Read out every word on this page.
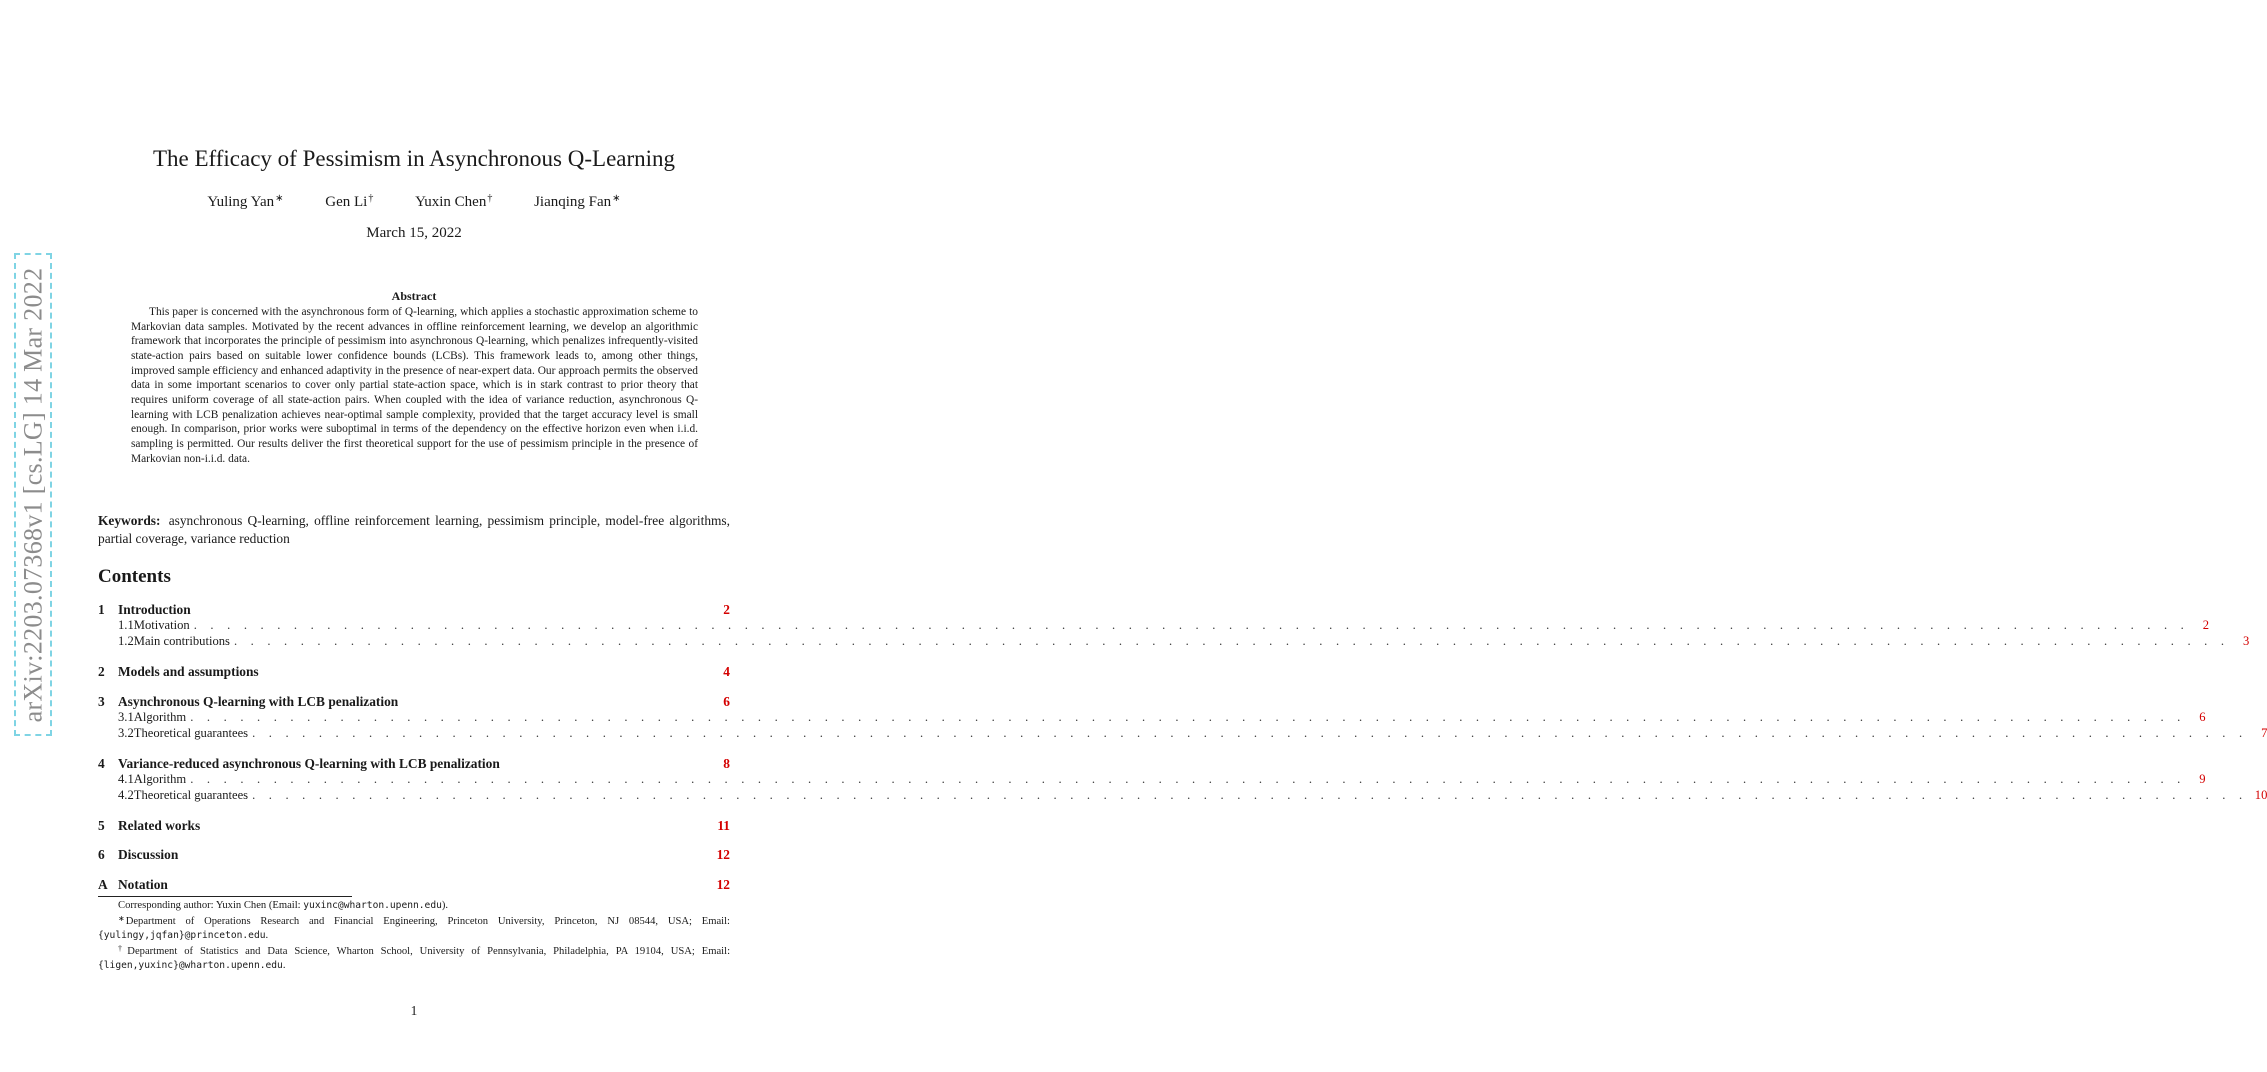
arXiv:2203.07368v1 [cs.LG] 14 Mar 2022
The Efficacy of Pessimism in Asynchronous Q-Learning
Yuling Yan∗	Gen Li†	Yuxin Chen†	Jianqing Fan∗
March 15, 2022
Abstract

This paper is concerned with the asynchronous form of Q-learning, which applies a stochastic approximation scheme to Markovian data samples. Motivated by the recent advances in offline reinforcement learning, we develop an algorithmic framework that incorporates the principle of pessimism into asynchronous Q-learning, which penalizes infrequently-visited state-action pairs based on suitable lower confidence bounds (LCBs). This framework leads to, among other things, improved sample efficiency and enhanced adaptivity in the presence of near-expert data. Our approach permits the observed data in some important scenarios to cover only partial state-action space, which is in stark contrast to prior theory that requires uniform coverage of all state-action pairs. When coupled with the idea of variance reduction, asynchronous Q-learning with LCB penalization achieves near-optimal sample complexity, provided that the target accuracy level is small enough. In comparison, prior works were suboptimal in terms of the dependency on the effective horizon even when i.i.d. sampling is permitted. Our results deliver the first theoretical support for the use of pessimism principle in the presence of Markovian non-i.i.d. data.

Keywords: asynchronous Q-learning, offline reinforcement learning, pessimism principle, model-free algorithms, partial coverage, variance reduction

Contents
1 Introduction	2
1.1 Motivation . . . . . . . . . . . . . . . . . . . . . . . . . . . . . . . . . . . . . . . . . . . . . . . . . . . . . . . . . . . . . . . . . . . . . . . . . . . . . . . . . . . . . . . . . . . . . . . . . . . . . . . . . . . . . . . . . . . . . . . .	2
1.2 Main contributions . . . . . . . . . . . . . . . . . . . . . . . . . . . . . . . . . . . . . . . . . . . . . . . . . . . . . . . . . . . . . . . . . . . . . . . . . . . . . . . . . . . . . . . . . . . . . . . . . . . . . . . . . . . . . . . . . . . . . . . .	3
2 Models and assumptions	4
3 Asynchronous Q-learning with LCB penalization	6
3.1 Algorithm . . . . . . . . . . . . . . . . . . . . . . . . . . . . . . . . . . . . . . . . . . . . . . . . . . . . . . . . . . . . . . . . . . . . . . . . . . . . . . . . . . . . . . . . . . . . . . . . . . . . . . . . . . . . . . . . . . . . . . . .	6
3.2 Theoretical guarantees . . . . . . . . . . . . . . . . . . . . . . . . . . . . . . . . . . . . . . . . . . . . . . . . . . . . . . . . . . . . . . . . . . . . . . . . . . . . . . . . . . . . . . . . . . . . . . . . . . . . . . . . . . . . . . . . . . . . . . . .	7
4 Variance-reduced asynchronous Q-learning with LCB penalization	8
4.1 Algorithm . . . . . . . . . . . . . . . . . . . . . . . . . . . . . . . . . . . . . . . . . . . . . . . . . . . . . . . . . . . . . . . . . . . . . . . . . . . . . . . . . . . . . . . . . . . . . . . . . . . . . . . . . . . . . . . . . . . . . . . .	9
4.2 Theoretical guarantees . . . . . . . . . . . . . . . . . . . . . . . . . . . . . . . . . . . . . . . . . . . . . . . . . . . . . . . . . . . . . . . . . . . . . . . . . . . . . . . . . . . . . . . . . . . . . . . . . . . . . . . . . . . . . . . . . . . . . . . . 10
5 Related works	11
6 Discussion	12
A Notation	12

Corresponding author: Yuxin Chen (Email: yuxinc@wharton.upenn.edu).

∗Department of Operations Research and Financial Engineering, Princeton University, Princeton, NJ 08544, USA; Email: {yulingy,jqfan}@princeton.edu.

†Department of Statistics and Data Science, Wharton School, University of Pennsylvania, Philadelphia, PA 19104, USA; Email: {ligen,yuxinc}@wharton.upenn.edu.

1
